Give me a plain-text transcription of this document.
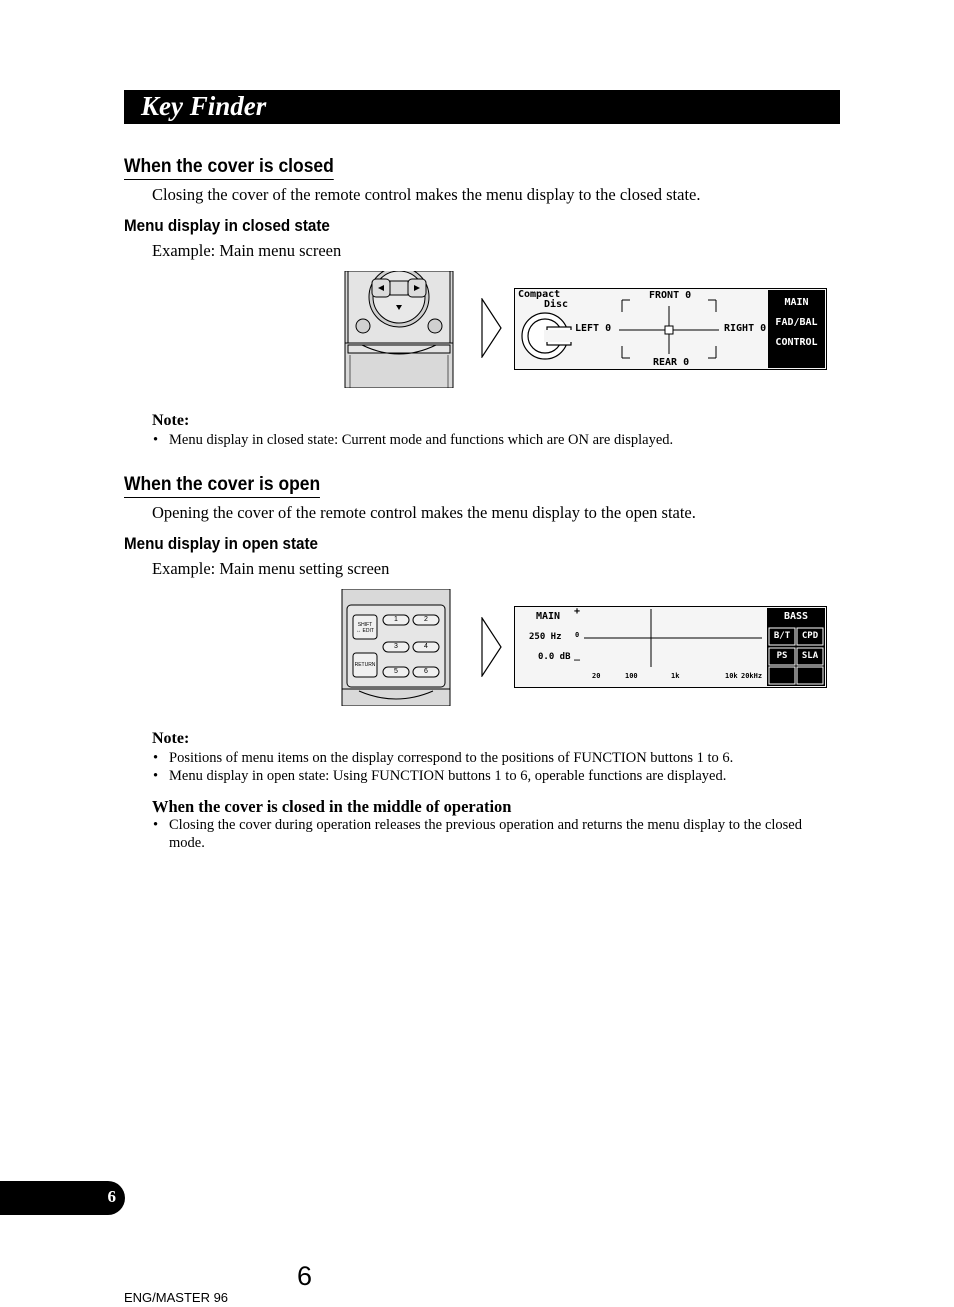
Key Finder
When the cover is closed
Closing the cover of the remote control makes the menu display to the closed state.
Menu display in closed state
Example: Main menu screen
Compact
Disc
FRONT 0
REAR 0
LEFT 0	RIGHT 0
MAIN
FAD/BAL
CONTROL
Note:
• Menu display in closed state: Current mode and functions which are ON are displayed.
When the cover is open
Opening the cover of the remote control makes the menu display to the open state.
Menu display in open state
Example: Main menu setting screen
SHIFT
↔ EDIT
RETURN
1	2
3	4
5	6
MAIN
250 Hz
0.0 dB
+
0
_
20	100	1k	10k 20kHz
BASS
B/T	CPD
PS	SLA
Note:
• Positions of menu items on the display correspond to the positions of FUNCTION buttons 1 to 6.
• Menu display in open state: Using FUNCTION buttons 1 to 6, operable functions are displayed.
When the cover is closed in the middle of operation
• Closing the cover during operation releases the previous operation and returns the menu display to the closed mode.
6
6
ENG/MASTER 96
